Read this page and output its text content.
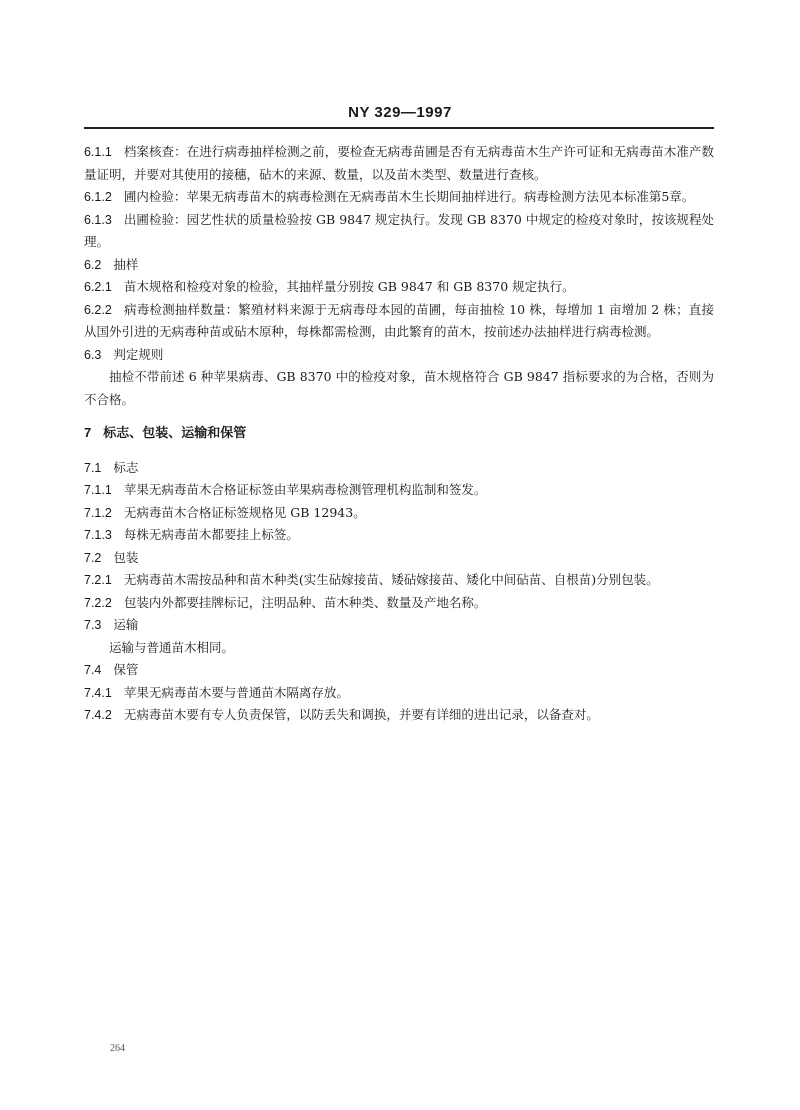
NY 329—1997

6.1.1 档案核查：在进行病毒抽样检测之前，要检查无病毒苗圃是否有无病毒苗木生产许可证和无病毒苗木准产数量证明，并要对其使用的接穗，砧木的来源、数量，以及苗木类型、数量进行查核。

6.1.2 圃内检验：苹果无病毒苗木的病毒检测在无病毒苗木生长期间抽样进行。病毒检测方法见本标准第5章。

6.1.3 出圃检验：园艺性状的质量检验按 GB 9847 规定执行。发现 GB 8370 中规定的检疫对象时，按该规程处理。

6.2 抽样

6.2.1 苗木规格和检疫对象的检验，其抽样量分别按 GB 9847 和 GB 8370 规定执行。

6.2.2 病毒检测抽样数量：繁殖材料来源于无病毒母本园的苗圃，每亩抽检 10 株，每增加 1 亩增加 2 株；直接从国外引进的无病毒种苗或砧木原种，每株都需检测，由此繁育的苗木，按前述办法抽样进行病毒检测。

6.3 判定规则

抽检不带前述 6 种苹果病毒、GB 8370 中的检疫对象，苗木规格符合 GB 9847 指标要求的为合格，否则为不合格。

7 标志、包装、运输和保管

7.1 标志

7.1.1 苹果无病毒苗木合格证标签由苹果病毒检测管理机构监制和签发。

7.1.2 无病毒苗木合格证标签规格见 GB 12943。

7.1.3 每株无病毒苗木都要挂上标签。

7.2 包装

7.2.1 无病毒苗木需按品种和苗木种类(实生砧嫁接苗、矮砧嫁接苗、矮化中间砧苗、自根苗)分别包装。

7.2.2 包装内外都要挂牌标记，注明品种、苗木种类、数量及产地名称。

7.3 运输

运输与普通苗木相同。

7.4 保管

7.4.1 苹果无病毒苗木要与普通苗木隔离存放。

7.4.2 无病毒苗木要有专人负责保管，以防丢失和调换，并要有详细的进出记录，以备查对。

264
